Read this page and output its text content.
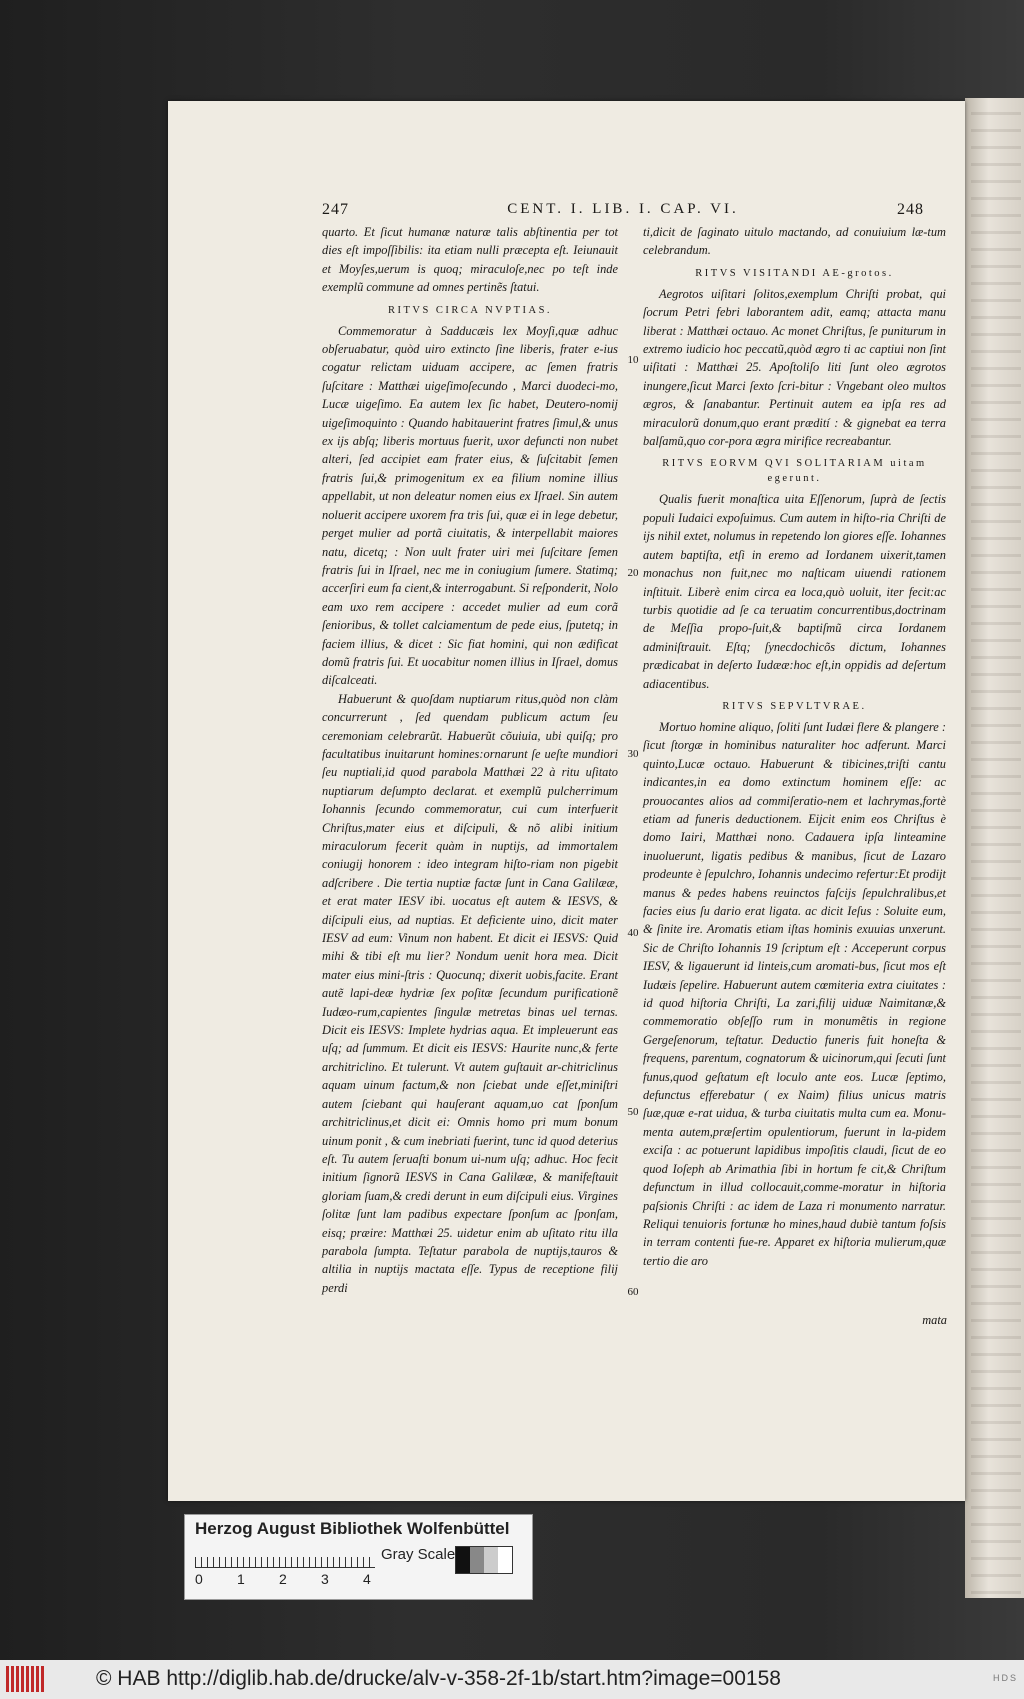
247	CENT. I. LIB. I. CAP. VI.	248

quarto. Et ſicut humanæ naturæ talis abſtinentia per tot dies eſt impoſſibilis: ita etiam nulli præcepta eſt. Ieiunauit et Moyſes,uerum is quoq; miraculoſe,nec po teſt inde exemplũ commune ad omnes pertinẽs ſtatui.

RITVS CIRCA NVPTIAS.

Commemoratur à Sadducæis lex Moyſi,quæ adhuc obſeruabatur, quòd uiro extincto ſine liberis, frater e-ius cogatur relictam uiduam accipere, ac ſemen fratris ſuſcitare : Matthæi uigeſimoſecundo , Marci duodeci-mo, Lucæ uigeſimo. Ea autem lex ſic habet, Deutero-nomij uigeſimoquinto : Quando habitauerint fratres ſimul,& unus ex ijs abſq; liberis mortuus fuerit, uxor defuncti non nubet alteri, ſed accipiet eam frater eius, & ſuſcitabit ſemen fratris ſui,& primogenitum ex ea filium nomine illius appellabit, ut non deleatur nomen eius ex Iſrael. Sin autem noluerit accipere uxorem fra tris ſui, quæ ei in lege debetur, perget mulier ad portã ciuitatis, & interpellabit maiores natu, dicetq; : Non uult frater uiri mei ſuſcitare ſemen fratris ſui in Iſrael, nec me in coniugium ſumere. Statimq; accerſiri eum fa cient,& interrogabunt. Si reſponderit, Nolo eam uxo rem accipere : accedet mulier ad eum corã ſenioribus, & tollet calciamentum de pede eius, ſputetq; in faciem illius, & dicet : Sic fiat homini, qui non ædificat domũ fratris ſui. Et uocabitur nomen illius in Iſrael, domus diſcalceati.

Habuerunt & quoſdam nuptiarum ritus,quòd non clàm concurrerunt , ſed quendam publicum actum ſeu ceremoniam celebrarũt. Habuerũt cõuiuia, ubi quiſq; pro facultatibus inuitarunt homines:ornarunt ſe ueſte mundiori ſeu nuptiali,id quod parabola Matthæi 22 à ritu uſitato nuptiarum deſumpto declarat. et exemplũ pulcherrimum Iohannis ſecundo commemoratur, cui cum interfuerit Chriſtus,mater eius et diſcipuli, & nõ alibi initium miraculorum fecerit quàm in nuptijs, ad immortalem coniugij honorem : ideo integram hiſto-riam non pigebit adſcribere . Die tertia nuptiæ factæ ſunt in Cana Galilææ, et erat mater IESV ibi. uocatus eſt autem & IESVS, & diſcipuli eius, ad nuptias. Et deficiente uino, dicit mater IESV ad eum: Vinum non habent. Et dicit ei IESVS: Quid mihi & tibi eſt mu lier? Nondum uenit hora mea. Dicit mater eius mini-ſtris : Quocunq; dixerit uobis,facite. Erant autẽ lapi-deæ hydriæ ſex poſitæ ſecundum purificationẽ Iudæo-rum,capientes ſingulæ metretas binas uel ternas. Dicit eis IESVS: Implete hydrias aqua. Et impleuerunt eas uſq; ad ſummum. Et dicit eis IESVS: Haurite nunc,& ferte architriclino. Et tulerunt. Vt autem guſtauit ar-chitriclinus aquam uinum factum,& non ſciebat unde eſſet,miniſtri autem ſciebant qui hauſerant aquam,uo cat ſponſum architriclinus,et dicit ei: Omnis homo pri mum bonum uinum ponit , & cum inebriati fuerint, tunc id quod deterius eſt. Tu autem ſeruaſti bonum ui-num uſq; adhuc. Hoc fecit initium ſignorũ IESVS in Cana Galilææ, & manifeſtauit gloriam ſuam,& credi derunt in eum diſcipuli eius. Virgines ſolitæ ſunt lam padibus expectare ſponſum ac ſponſam, eisq; præire: Matthæi 25. uidetur enim ab uſitato ritu illa parabola ſumpta. Teſtatur parabola de nuptijs,tauros & altilia in nuptijs mactata eſſe. Typus de receptione filij perdi

ti,dicit de ſaginato uitulo mactando, ad conuiuium læ-tum celebrandum.

RITVS VISITANDI AE-grotos.

Aegrotos uiſitari ſolitos,exemplum Chriſti probat, qui ſocrum Petri febri laborantem adit, eamq; attacta manu liberat : Matthæi octauo. Ac monet Chriſtus, ſe puniturum in extremo iudicio hoc peccatũ,quòd ægro ti ac captiui non ſint uiſitati : Matthæi 25. Apoſtoliſo liti ſunt oleo ægrotos inungere,ſicut Marci ſexto ſcri-bitur : Vngebant oleo multos ægros, & ſanabantur. Pertinuit autem ea ipſa res ad miraculorũ donum,quo erant prædití : & gignebat ea terra balſamũ,quo cor-pora ægra mirifice recreabantur.

RITVS EORVM QVI SOLITARIAM uitam egerunt.

Qualis fuerit monaſtica uita Eſſenorum, ſuprà de ſectis populi Iudaici expoſuimus. Cum autem in hiſto-ria Chriſti de ijs nihil extet, nolumus in repetendo lon giores eſſe. Iohannes autem baptiſta, etſi in eremo ad Iordanem uixerit,tamen monachus non fuit,nec mo naſticam uiuendi rationem inſtituit. Liberè enim circa ea loca,quò uoluit, iter fecit:ac turbis quotidie ad ſe ca teruatim concurrentibus,doctrinam de Meſſia propo-ſuit,& baptiſmũ circa Iordanem adminiſtrauit. Eſtq; ſynecdochicõs dictum, Iohannes prædicabat in deſerto Iudææ:hoc eſt,in oppidis ad deſertum adiacentibus.

RITVS SEPVLTVRAE.

Mortuo homine aliquo, ſoliti ſunt Iudæi flere & plangere : ſicut ſtorgæ in hominibus naturaliter hoc adferunt. Marci quinto,Lucæ octauo. Habuerunt & tibicines,triſti cantu indicantes,in ea domo extinctum hominem eſſe: ac prouocantes alios ad commiſeratio-nem et lachrymas,fortè etiam ad funeris deductionem. Eijcit enim eos Chriſtus è domo Iairi, Matthæi nono. Cadauera ipſa linteamine inuoluerunt, ligatis pedibus & manibus, ſicut de Lazaro prodeunte è ſepulchro, Iohannis undecimo refertur:Et prodijt manus & pedes habens reuinctos faſcijs ſepulchralibus,et facies eius ſu dario erat ligata. ac dicit Ieſus : Soluite eum, & ſinite ire. Aromatis etiam iſtas hominis exuuias unxerunt. Sic de Chriſto Iohannis 19 ſcriptum eſt : Acceperunt corpus IESV, & ligauerunt id linteis,cum aromati-bus, ſicut mos eſt Iudæis ſepelire. Habuerunt autem cœmiteria extra ciuitates : id quod hiſtoria Chriſti, La zari,filij uiduæ Naimitanæ,& commemoratio obſeſſo rum in monumẽtis in regione Gergeſenorum, teſtatur. Deductio funeris fuit honeſta & frequens, parentum, cognatorum & uicinorum,qui ſecuti ſunt funus,quod geſtatum eſt loculo ante eos. Lucæ ſeptimo, defunctus efferebatur ( ex Naim) filius unicus matris ſuæ,quæ e-rat uidua, & turba ciuitatis multa cum ea. Monu-menta autem,præſertim opulentiorum, fuerunt in la-pidem exciſa : ac potuerunt lapidibus impoſitis claudi, ſicut de eo quod Ioſeph ab Arimathia ſibi in hortum fe cit,& Chriſtum defunctum in illud collocauit,comme-moratur in hiſtoria paſsionis Chriſti : ac idem de Laza ri monumento narratur. Reliqui tenuioris fortunæ ho mines,haud dubiè tantum foſsis in terram contenti fue-re. Apparet ex hiſtoria mulierum,quæ tertio die aro

10
20
30
40
50
60
mata
Herzog August Bibliothek Wolfenbüttel
0 1 2 3 4
Gray Scale
© HAB http://diglib.hab.de/drucke/alv-v-358-2f-1b/start.htm?image=00158	HDS
